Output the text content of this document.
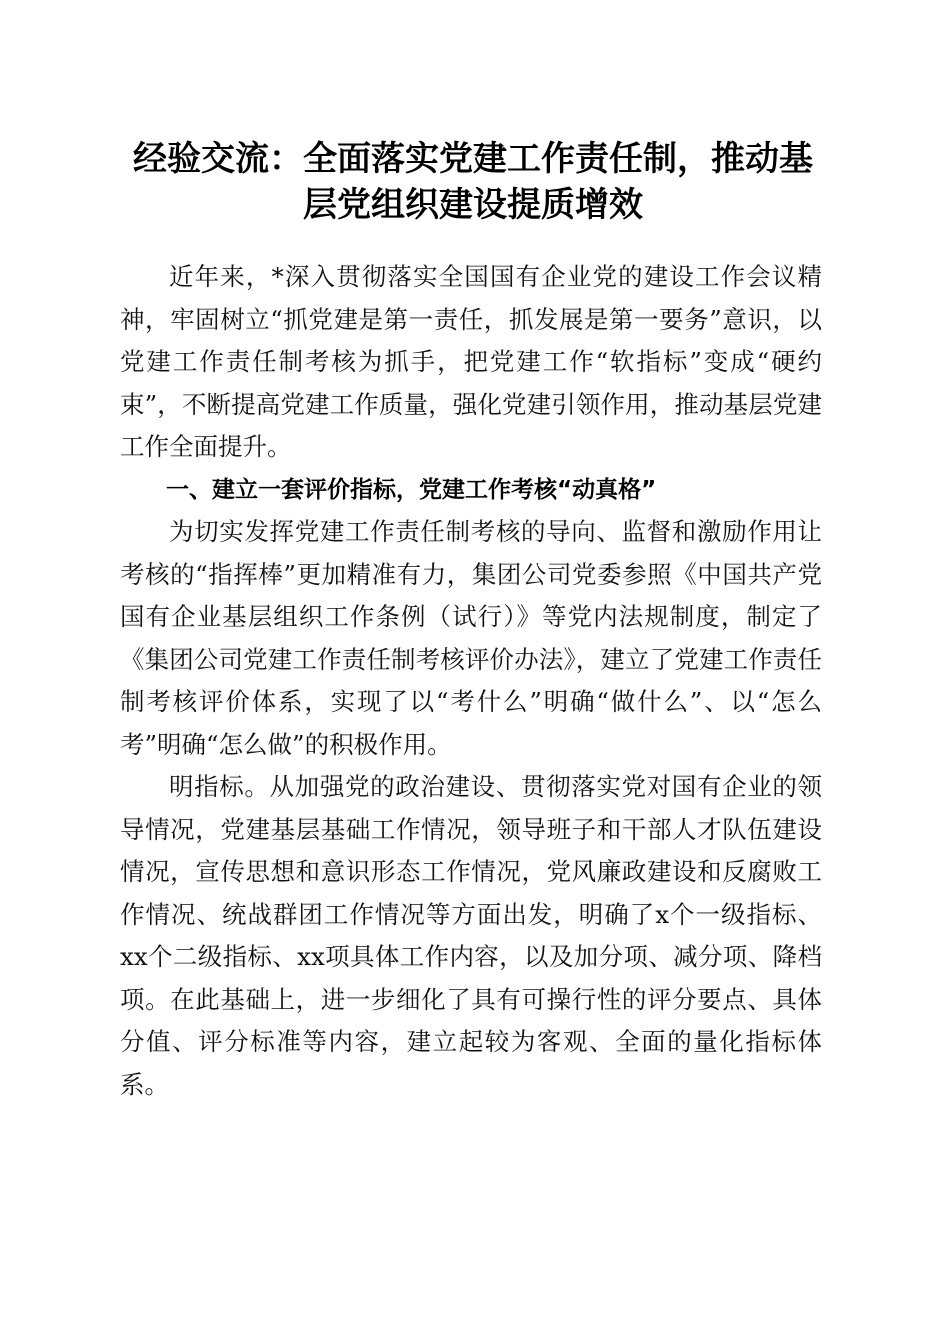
经验交流：全面落实党建工作责任制，推动基层党组织建设提质增效

近年来，*深入贯彻落实全国国有企业党的建设工作会议精神，牢固树立“抓党建是第一责任，抓发展是第一要务”意识，以党建工作责任制考核为抓手，把党建工作“软指标”变成“硬约束”，不断提高党建工作质量，强化党建引领作用，推动基层党建工作全面提升。

一、建立一套评价指标，党建工作考核“动真格”

为切实发挥党建工作责任制考核的导向、监督和激励作用让考核的“指挥棒”更加精准有力，集团公司党委参照《中国共产党国有企业基层组织工作条例（试行）》等党内法规制度，制定了《集团公司党建工作责任制考核评价办法》，建立了党建工作责任制考核评价体系，实现了以“考什么”明确“做什么”、以“怎么考”明确“怎么做”的积极作用。

明指标。从加强党的政治建设、贯彻落实党对国有企业的领导情况，党建基层基础工作情况，领导班子和干部人才队伍建设情况，宣传思想和意识形态工作情况，党风廉政建设和反腐败工作情况、统战群团工作情况等方面出发，明确了x个一级指标、xx个二级指标、xx项具体工作内容，以及加分项、减分项、降档项。在此基础上，进一步细化了具有可操行性的评分要点、具体分值、评分标准等内容，建立起较为客观、全面的量化指标体系。
